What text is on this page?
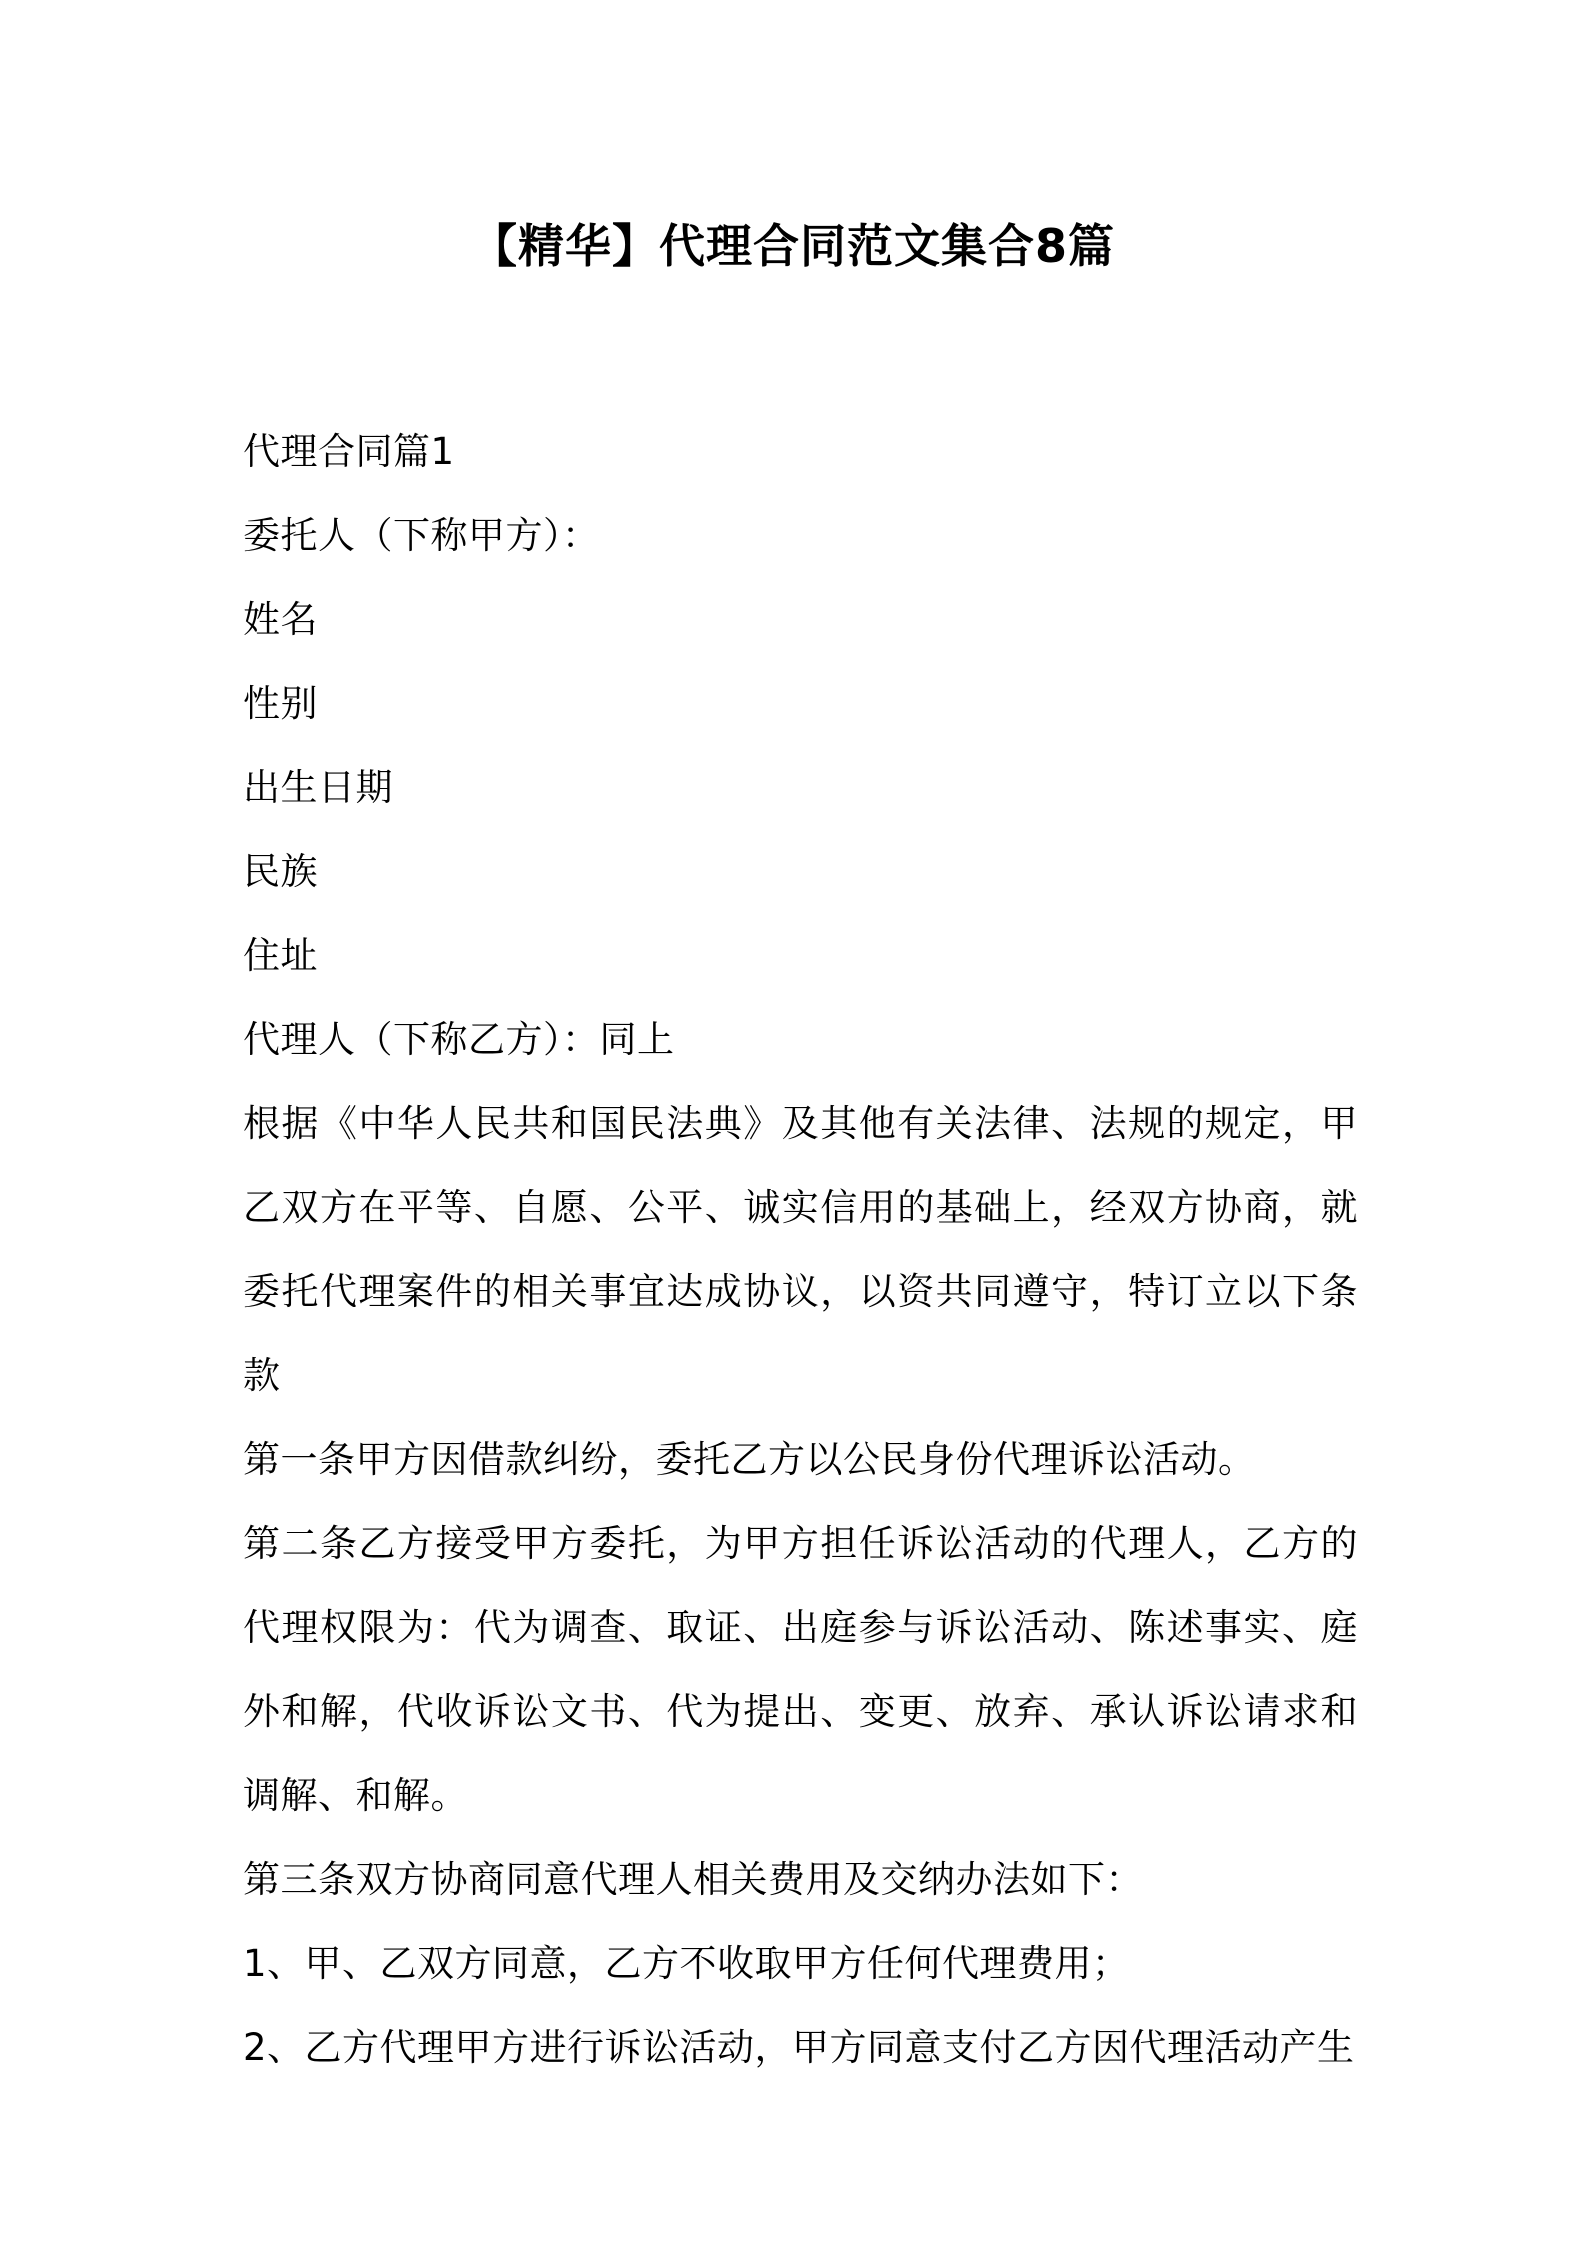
【精华】代理合同范文集合8篇
代理合同篇1

委托人（下称甲方）：

姓名

性别

出生日期

民族

住址

代理人（下称乙方）：同上

根据《中华人民共和国民法典》及其他有关法律、法规的规定，甲乙双方在平等、自愿、公平、诚实信用的基础上，经双方协商，就委托代理案件的相关事宜达成协议，以资共同遵守，特订立以下条款

第一条甲方因借款纠纷，委托乙方以公民身份代理诉讼活动。

第二条乙方接受甲方委托，为甲方担任诉讼活动的代理人，乙方的代理权限为：代为调查、取证、出庭参与诉讼活动、陈述事实、庭外和解，代收诉讼文书、代为提出、变更、放弃、承认诉讼请求和调解、和解。

第三条双方协商同意代理人相关费用及交纳办法如下：

1、甲、乙双方同意，乙方不收取甲方任何代理费用；

2、乙方代理甲方进行诉讼活动，甲方同意支付乙方因代理活动产生
